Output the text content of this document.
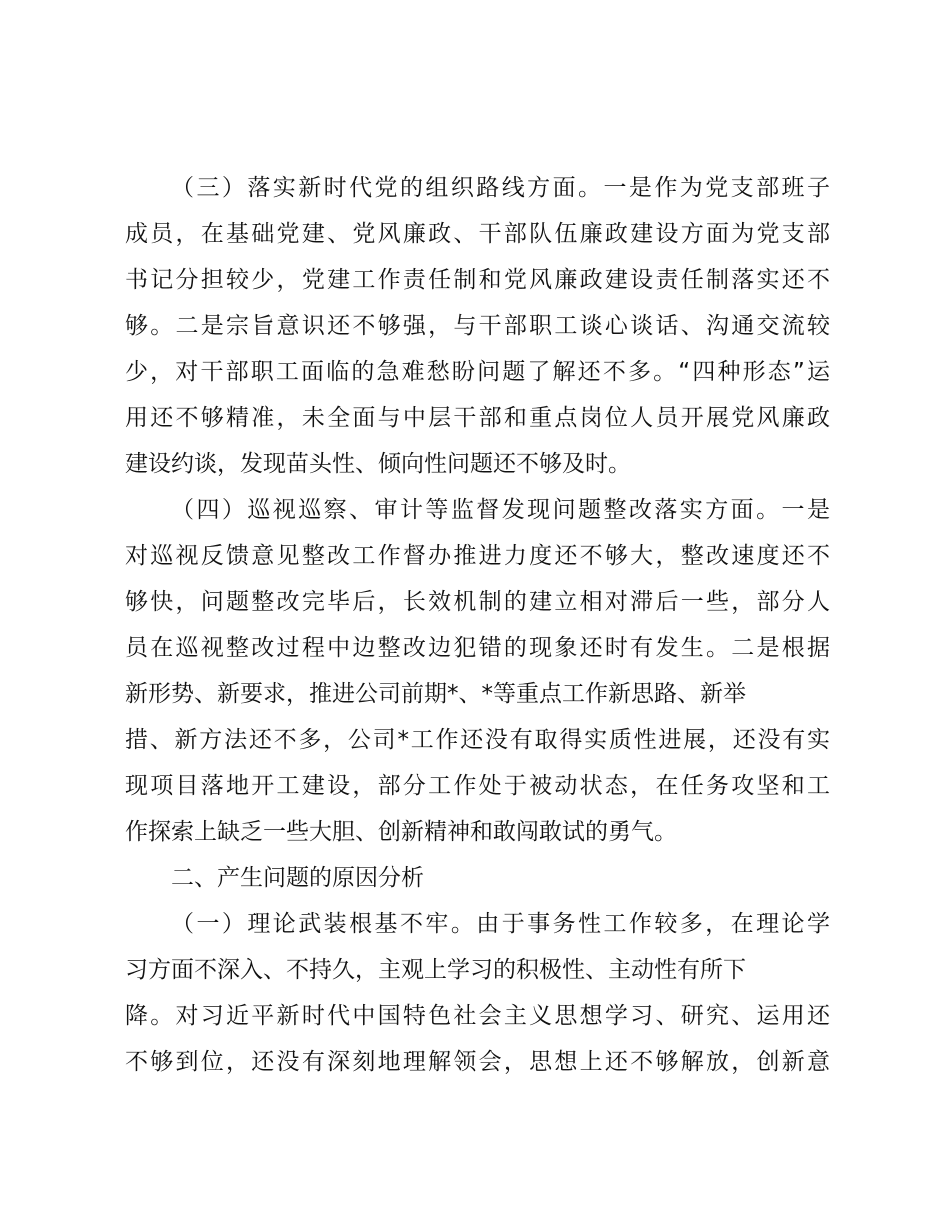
（三）落实新时代党的组织路线方面。一是作为党支部班子
成员，在基础党建、党风廉政、干部队伍廉政建设方面为党支部
书记分担较少，党建工作责任制和党风廉政建设责任制落实还不
够。二是宗旨意识还不够强，与干部职工谈心谈话、沟通交流较
少，对干部职工面临的急难愁盼问题了解还不多。“四种形态”运
用还不够精准，未全面与中层干部和重点岗位人员开展党风廉政
建设约谈，发现苗头性、倾向性问题还不够及时。
（四）巡视巡察、审计等监督发现问题整改落实方面。一是
对巡视反馈意见整改工作督办推进力度还不够大，整改速度还不
够快，问题整改完毕后，长效机制的建立相对滞后一些，部分人
员在巡视整改过程中边整改边犯错的现象还时有发生。二是根据
新形势、新要求，推进公司前期*、*等重点工作新思路、新举
措、新方法还不多，公司*工作还没有取得实质性进展，还没有实
现项目落地开工建设，部分工作处于被动状态，在任务攻坚和工
作探索上缺乏一些大胆、创新精神和敢闯敢试的勇气。
二、产生问题的原因分析
（一）理论武装根基不牢。由于事务性工作较多，在理论学
习方面不深入、不持久，主观上学习的积极性、主动性有所下
降。对习近平新时代中国特色社会主义思想学习、研究、运用还
不够到位，还没有深刻地理解领会，思想上还不够解放，创新意
